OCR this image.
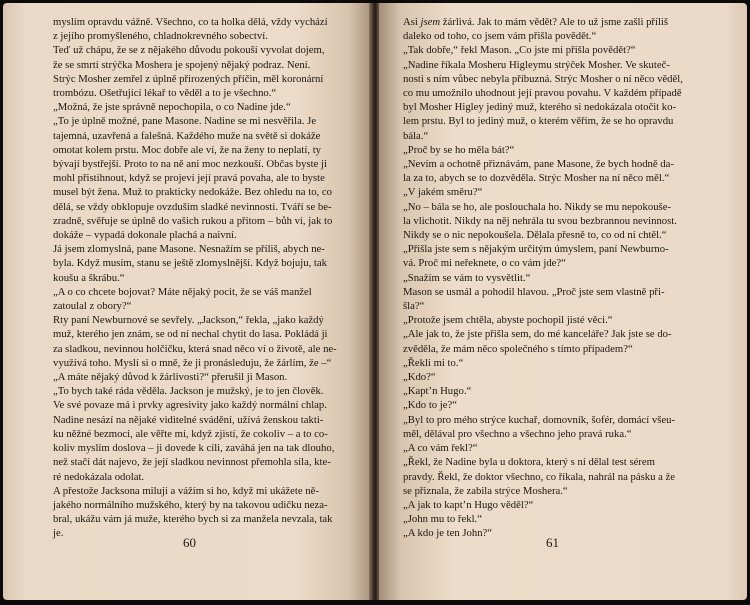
myslím opravdu vážně. Všechno, co ta holka dělá, vždy vychází
z jejího promyšleného, chladnokrevného sobectví.
Teď už chápu, že se z nějakého důvodu pokouší vyvolat dojem,
že se smrtí strýčka Moshera je spojený nějaký podraz. Není.
Strýc Mosher zemřel z úplně přirozených příčin, měl koronární
trombózu. Ošetřující lékař to věděl a to je všechno.“
„Možná, že jste správně nepochopila, o co Nadine jde.“
„To je úplně možné, pane Masone. Nadine se mi nesvěřila. Je
tajemná, uzavřená a falešná. Každého muže na světě si dokáže
omotat kolem prstu. Moc dobře ale ví, že na ženy to neplatí, ty
bývají bystřejší. Proto to na ně ani moc nezkouší. Občas byste ji
mohl přistihnout, když se projeví její pravá povaha, ale to byste
musel být žena. Muž to prakticky nedokáže. Bez ohledu na to, co
dělá, se vždy obklopuje ovzduším sladké nevinnosti. Tváří se be-
zradně, svěřuje se úplně do vašich rukou a přitom – bůh ví, jak to
dokáže – vypadá dokonale plachá a naivní.
Já jsem zlomyslná, pane Masone. Nesnažím se příliš, abych ne-
byla. Když musím, stanu se ještě zlomyslnější. Když bojuju, tak
koušu a škrábu.“
„A o co chcete bojovat? Máte nějaký pocit, že se váš manžel
zatoulal z obory?“
Rty paní Newburnové se sevřely. „Jackson,“ řekla, „jako každý
muž, kterého jen znám, se od ní nechal chytit do lasa. Pokládá ji
za sladkou, nevinnou holčičku, která snad něco ví o životě, ale ne-
využívá toho. Myslí si o mně, že ji pronásleduju, že žárlím, že –“
„A máte nějaký důvod k žárlivosti?“ přerušil ji Mason.
„To bych také ráda věděla. Jackson je mužský, je to jen člověk.
Ve své povaze má i prvky agresivity jako každý normální chlap.
Nadine nesází na nějaké viditelné svádění, užívá ženskou takti-
ku něžné bezmoci, ale věřte mi, když zjistí, že cokoliv – a to co-
koliv myslím doslova – ji dovede k cíli, zaváhá jen na tak dlouho,
než stačí dát najevo, že její sladkou nevinnost přemohla síla, kte-
ré nedokázala odolat.
A přestože Jacksona miluji a vážím si ho, když mi ukážete ně-
jakého normálního mužského, který by na takovou udičku neza-
bral, ukážu vám já muže, kterého bych si za manžela nevzala, tak
je.
60
Asi jsem žárlivá. Jak to mám vědět? Ale to už jsme zašli příliš
daleko od toho, co jsem vám přišla povědět.“
„Tak dobře,“ řekl Mason. „Co jste mi přišla povědět?“
„Nadine říkala Mosheru Higleymu strýček Mosher. Ve skuteč-
nosti s ním vůbec nebyla příbuzná. Strýc Mosher o ní něco věděl,
co mu umožnilo uhodnout její pravou povahu. V každém případě
byl Mosher Higley jediný muž, kterého si nedokázala otočit ko-
lem prstu. Byl to jediný muž, o kterém věřím, že se ho opravdu
bála.“
„Proč by se ho měla bát?“
„Nevím a ochotně přiznávám, pane Masone, že bych hodně da-
la za to, abych se to dozvěděla. Strýc Mosher na ní něco měl.“
„V jakém směru?“
„No – bála se ho, ale poslouchala ho. Nikdy se mu nepokouše-
la vlichotit. Nikdy na něj nehrála tu svou bezbrannou nevinnost.
Nikdy se o nic nepokoušela. Dělala přesně to, co od ní chtěl.“
„Přišla jste sem s nějakým určitým úmyslem, paní Newburno-
vá. Proč mi neřeknete, o co vám jde?“
„Snažím se vám to vysvětlit.“
Mason se usmál a pohodil hlavou. „Proč jste sem vlastně při-
šla?“
„Protože jsem chtěla, abyste pochopil jisté věci.“
„Ale jak to, že jste přišla sem, do mé kanceláře? Jak jste se do-
zvěděla, že mám něco společného s tímto případem?“
„Řekli mi to.“
„Kdo?“
„Kapt’n Hugo.“
„Kdo to je?“
„Byl to pro mého strýce kuchař, domovník, šofér, domácí všeu-
měl, dělával pro všechno a všechno jeho pravá ruka.“
„A co vám řekl?“
„Řekl, že Nadine byla u doktora, který s ní dělal test sérem
pravdy. Řekl, že doktor všechno, co říkala, nahrál na pásku a že
se přiznala, že zabila strýce Moshera.“
„A jak to kapt’n Hugo věděl?“
„John mu to řekl.“
„A kdo je ten John?“
61
